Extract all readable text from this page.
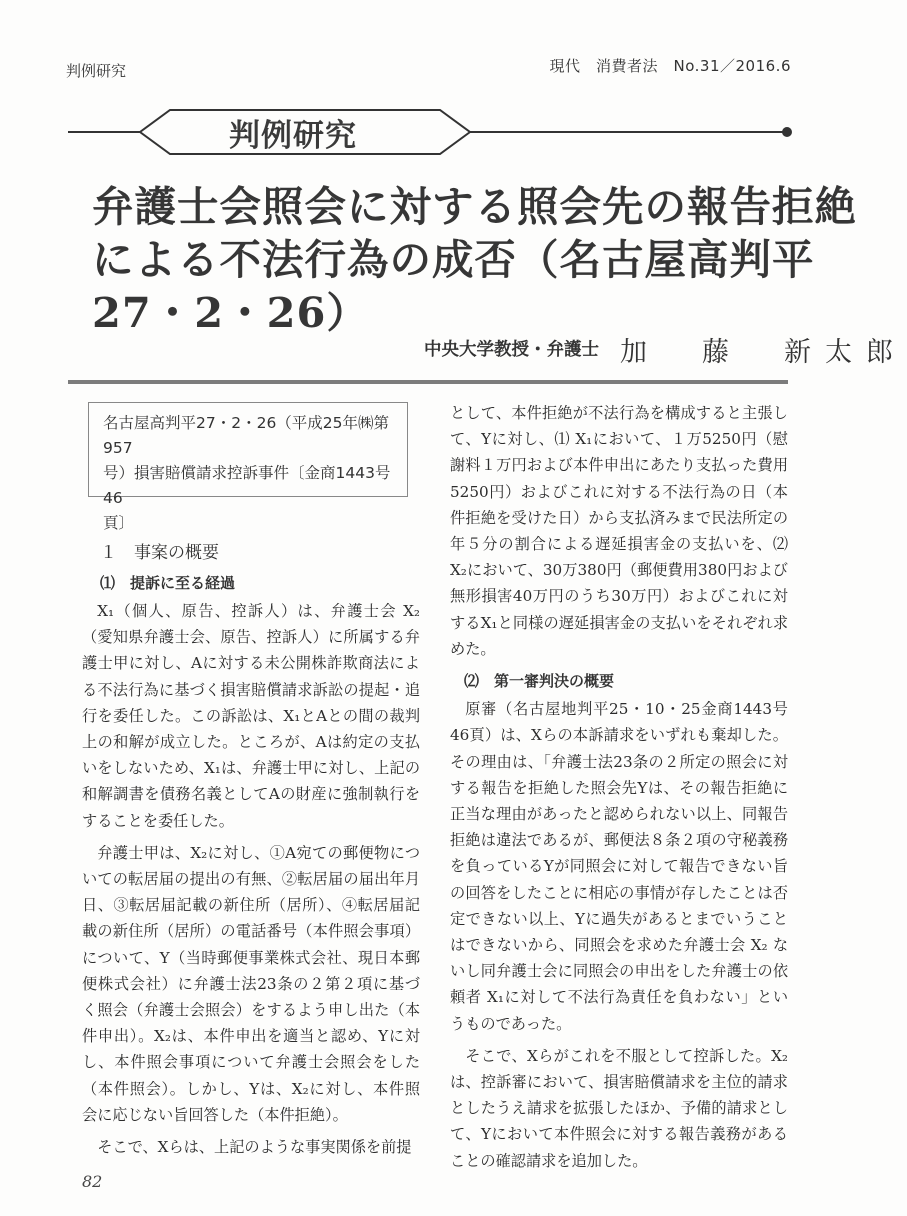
判例研究	現代　消費者法　No.31／2016.6
判例研究
弁護士会照会に対する照会先の報告拒絶
による不法行為の成否（名古屋高判平
27・2・26）
中央大学教授・弁護士 加　藤　新太郎
名古屋高判平27・2・26（平成25年㈱第957
号）損害賠償請求控訴事件〔金商1443号46
頁〕
１　事案の概要
⑴　提訴に至る経過

X₁（個人、原告、控訴人）は、弁護士会 X₂（愛知県弁護士会、原告、控訴人）に所属する弁護士甲に対し、Aに対する未公開株詐欺商法による不法行為に基づく損害賠償請求訴訟の提起・追行を委任した。この訴訟は、X₁とAとの間の裁判上の和解が成立した。ところが、Aは約定の支払いをしないため、X₁は、弁護士甲に対し、上記の和解調書を債務名義としてAの財産に強制執行をすることを委任した。

弁護士甲は、X₂に対し、①A宛ての郵便物についての転居届の提出の有無、②転居届の届出年月日、③転居届記載の新住所（居所）、④転居届記載の新住所（居所）の電話番号（本件照会事項）について、Y（当時郵便事業株式会社、現日本郵便株式会社）に弁護士法23条の２第２項に基づく照会（弁護士会照会）をするよう申し出た（本件申出）。X₂は、本件申出を適当と認め、Yに対し、本件照会事項について弁護士会照会をした（本件照会）。しかし、Yは、X₂に対し、本件照会に応じない旨回答した（本件拒絶）。

そこで、Xらは、上記のような事実関係を前提

として、本件拒絶が不法行為を構成すると主張して、Yに対し、⑴ X₁において、１万5250円（慰謝料１万円および本件申出にあたり支払った費用5250円）およびこれに対する不法行為の日（本件拒絶を受けた日）から支払済みまで民法所定の年５分の割合による遅延損害金の支払いを、⑵ X₂において、30万380円（郵便費用380円および無形損害40万円のうち30万円）およびこれに対するX₁と同様の遅延損害金の支払いをそれぞれ求めた。

⑵　第一審判決の概要

原審（名古屋地判平25・10・25金商1443号46頁）は、Xらの本訴請求をいずれも棄却した。その理由は、「弁護士法23条の２所定の照会に対する報告を拒絶した照会先Yは、その報告拒絶に正当な理由があったと認められない以上、同報告拒絶は違法であるが、郵便法８条２項の守秘義務を負っているYが同照会に対して報告できない旨の回答をしたことに相応の事情が存したことは否定できない以上、Yに過失があるとまでいうことはできないから、同照会を求めた弁護士会 X₂ ないし同弁護士会に同照会の申出をした弁護士の依頼者 X₁に対して不法行為責任を負わない」というものであった。

そこで、Xらがこれを不服として控訴した。X₂は、控訴審において、損害賠償請求を主位的請求としたうえ請求を拡張したほか、予備的請求として、Yにおいて本件照会に対する報告義務があることの確認請求を追加した。

82
